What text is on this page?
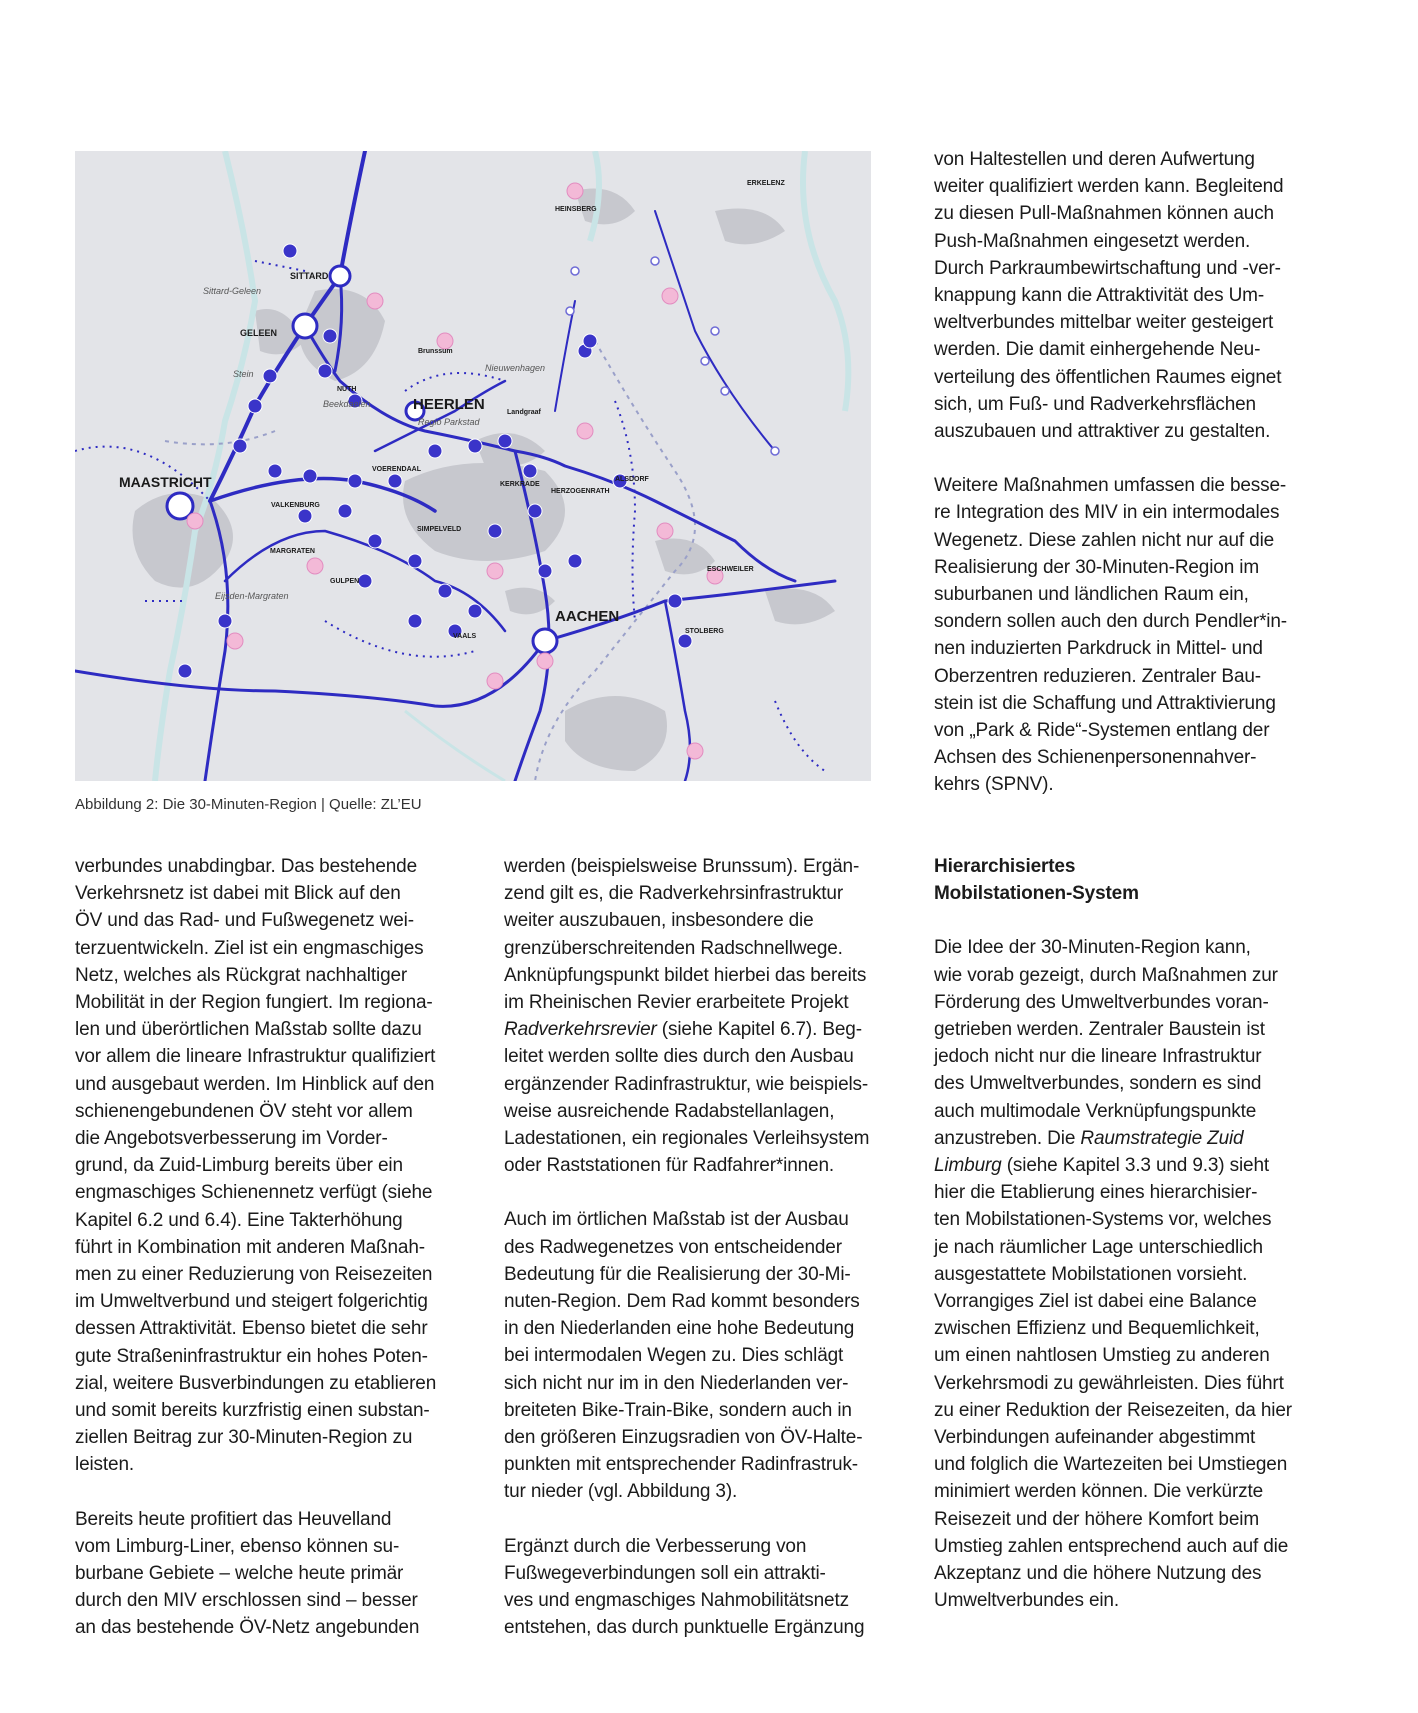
MAASTRICHT
HEERLEN
AACHEN
SITTARD
GELEEN
NUTH
VALKENBURG
VOERENDAAL
KERKRADE
HERZOGENRATH
ALSDORF
ESCHWEILER
STOLBERG
SIMPELVELD
MARGRATEN
GULPEN
VAALS
HEINSBERG
ERKELENZ
Brunssum
Landgraaf
Sittard-Geleen
Stein
Beekdaelen
Nieuwenhagen
Regio Parkstad
Eijsden-Margraten
Abbildung 2: Die 30-Minuten-Region | Quelle: ZL’EU

von Haltestellen und deren Aufwertung
weiter qualifiziert werden kann. Begleitend
zu diesen Pull-Maßnahmen können auch
Push-Maßnahmen eingesetzt werden.
Durch Parkraumbewirtschaftung und -ver-
knappung kann die Attraktivität des Um-
weltverbundes mittelbar weiter gesteigert
werden. Die damit einhergehende Neu-
verteilung des öffentlichen Raumes eignet
sich, um Fuß- und Radverkehrsflächen
auszubauen und attraktiver zu gestalten.

Weitere Maßnahmen umfassen die besse-
re Integration des MIV in ein intermodales
Wegenetz. Diese zahlen nicht nur auf die
Realisierung der 30-Minuten-Region im
suburbanen und ländlichen Raum ein,
sondern sollen auch den durch Pendler*in-
nen induzierten Parkdruck in Mittel- und
Oberzentren reduzieren. Zentraler Bau-
stein ist die Schaffung und Attraktivierung
von „Park & Ride“-Systemen entlang der
Achsen des Schienenpersonennahver-
kehrs (SPNV).

verbundes unabdingbar. Das bestehende
Verkehrsnetz ist dabei mit Blick auf den
ÖV und das Rad- und Fußwegenetz wei-
terzuentwickeln. Ziel ist ein engmaschiges
Netz, welches als Rückgrat nachhaltiger
Mobilität in der Region fungiert. Im regiona-
len und überörtlichen Maßstab sollte dazu
vor allem die lineare Infrastruktur qualifiziert
und ausgebaut werden. Im Hinblick auf den
schienengebundenen ÖV steht vor allem
die Angebotsverbesserung im Vorder-
grund, da Zuid-Limburg bereits über ein
engmaschiges Schienennetz verfügt (siehe
Kapitel 6.2 und 6.4). Eine Takterhöhung
führt in Kombination mit anderen Maßnah-
men zu einer Reduzierung von Reisezeiten
im Umweltverbund und steigert folgerichtig
dessen Attraktivität. Ebenso bietet die sehr
gute Straßeninfrastruktur ein hohes Poten-
zial, weitere Busverbindungen zu etablieren
und somit bereits kurzfristig einen substan-
ziellen Beitrag zur 30-Minuten-Region zu
leisten.

Bereits heute profitiert das Heuvelland
vom Limburg-Liner, ebenso können su-
burbane Gebiete – welche heute primär
durch den MIV erschlossen sind – besser
an das bestehende ÖV-Netz angebunden

werden (beispielsweise Brunssum). Ergän-
zend gilt es, die Radverkehrsinfrastruktur
weiter auszubauen, insbesondere die
grenzüberschreitenden Radschnellwege.
Anknüpfungspunkt bildet hierbei das bereits
im Rheinischen Revier erarbeitete Projekt
Radverkehrsrevier (siehe Kapitel 6.7). Beg-
leitet werden sollte dies durch den Ausbau
ergänzender Radinfrastruktur, wie beispiels-
weise ausreichende Radabstellanlagen,
Ladestationen, ein regionales Verleihsystem
oder Raststationen für Radfahrer*innen.

Auch im örtlichen Maßstab ist der Ausbau
des Radwegenetzes von entscheidender
Bedeutung für die Realisierung der 30-Mi-
nuten-Region. Dem Rad kommt besonders
in den Niederlanden eine hohe Bedeutung
bei intermodalen Wegen zu. Dies schlägt
sich nicht nur im in den Niederlanden ver-
breiteten Bike-Train-Bike, sondern auch in
den größeren Einzugsradien von ÖV-Halte-
punkten mit entsprechender Radinfrastruk-
tur nieder (vgl. Abbildung 3).

Ergänzt durch die Verbesserung von
Fußwegeverbindungen soll ein attrakti-
ves und engmaschiges Nahmobilitätsnetz
entstehen, das durch punktuelle Ergänzung

Hierarchisiertes
Mobilstationen-System

Die Idee der 30-Minuten-Region kann,
wie vorab gezeigt, durch Maßnahmen zur
Förderung des Umweltverbundes voran-
getrieben werden. Zentraler Baustein ist
jedoch nicht nur die lineare Infrastruktur
des Umweltverbundes, sondern es sind
auch multimodale Verknüpfungspunkte
anzustreben. Die Raumstrategie Zuid
Limburg (siehe Kapitel 3.3 und 9.3) sieht
hier die Etablierung eines hierarchisier-
ten Mobilstationen-Systems vor, welches
je nach räumlicher Lage unterschiedlich
ausgestattete Mobilstationen vorsieht.
Vorrangiges Ziel ist dabei eine Balance
zwischen Effizienz und Bequemlichkeit,
um einen nahtlosen Umstieg zu anderen
Verkehrsmodi zu gewährleisten. Dies führt
zu einer Reduktion der Reisezeiten, da hier
Verbindungen aufeinander abgestimmt
und folglich die Wartezeiten bei Umstiegen
minimiert werden können. Die verkürzte
Reisezeit und der höhere Komfort beim
Umstieg zahlen entsprechend auch auf die
Akzeptanz und die höhere Nutzung des
Umweltverbundes ein.
